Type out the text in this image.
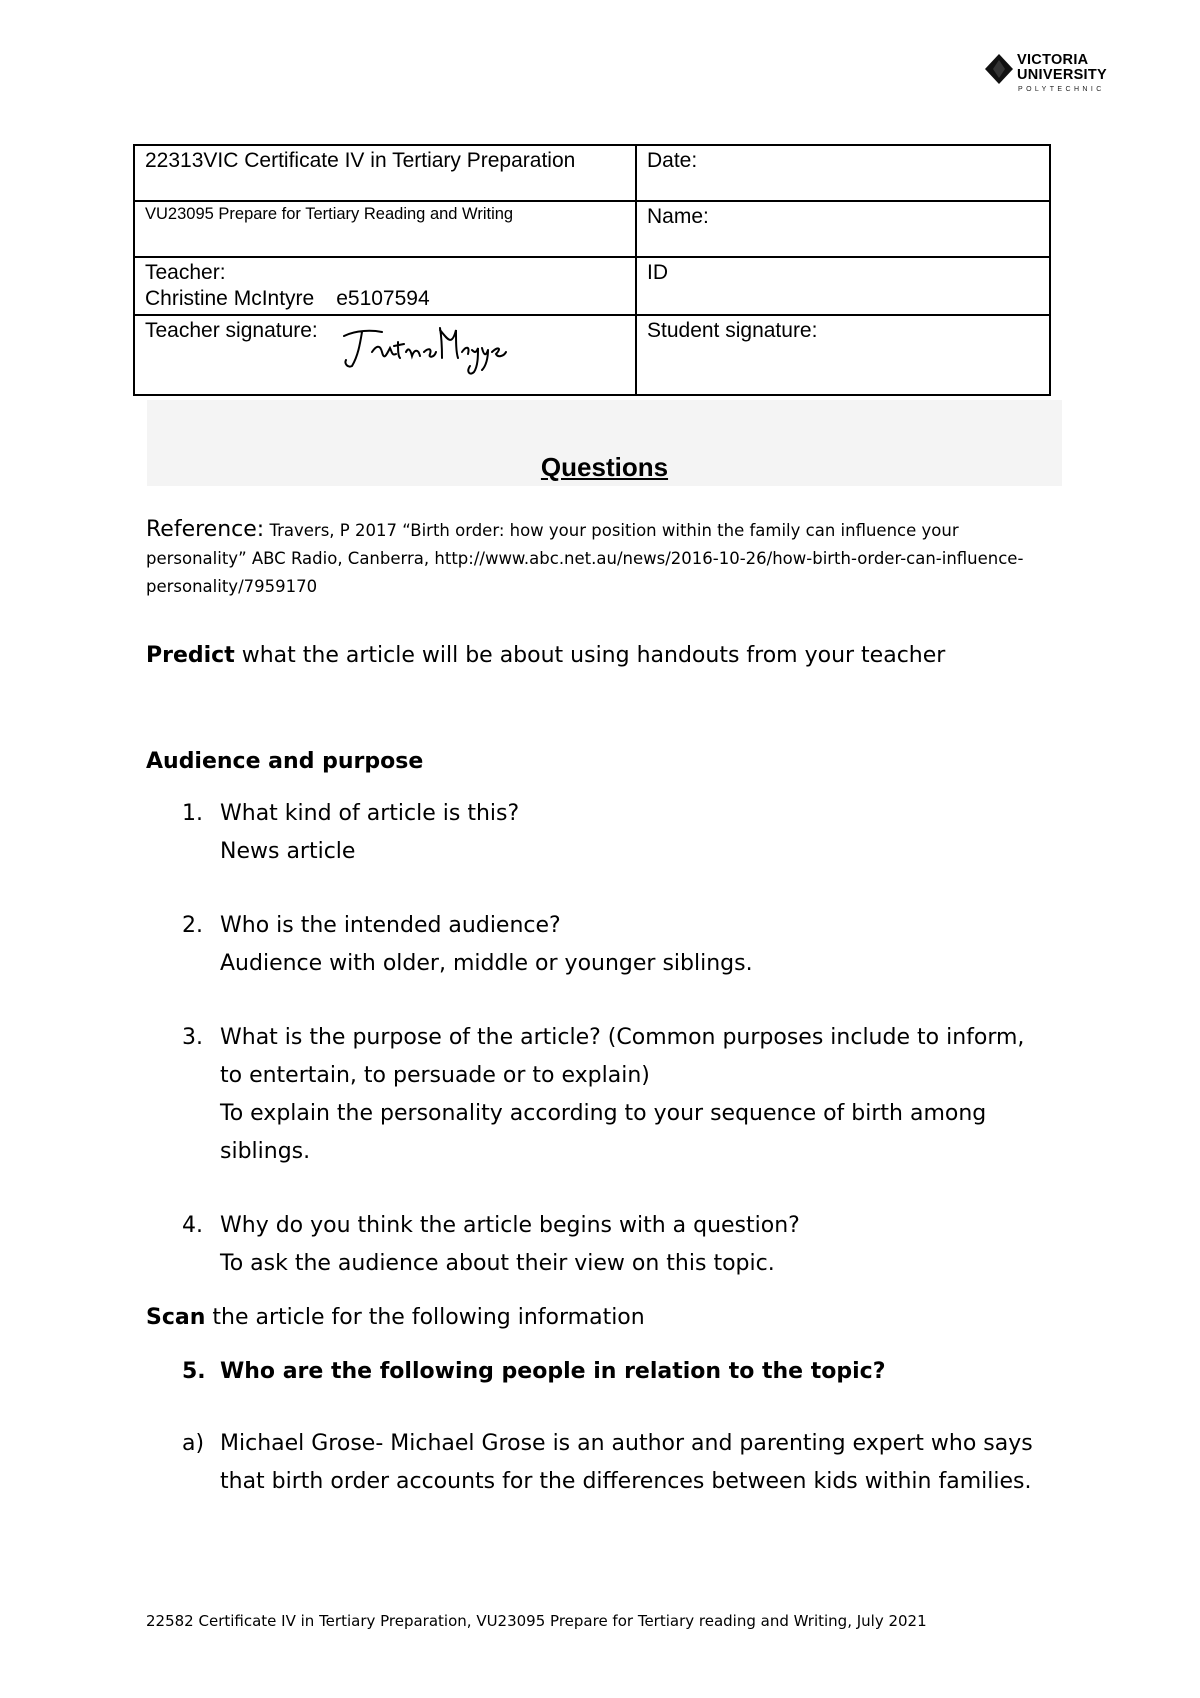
VICTORIA
UNIVERSITY
POLYTECHNIC
22313VIC Certificate IV in Tertiary Preparation	Date:
VU23095 Prepare for Tertiary Reading and Writing	Name:

Teacher:
Christine McIntyre e5107594	ID
Teacher signature:	Student signature:
Questions

Reference: Travers, P 2017 “Birth order: how your position within the family can influence your personality” ABC Radio, Canberra, http://www.abc.net.au/news/2016-10-26/how-birth-order-can-influence-personality/7959170

Predict what the article will be about using handouts from your teacher

Audience and purpose

1. What kind of article is this?
News article
2. Who is the intended audience?
Audience with older, middle or younger siblings.
3. What is the purpose of the article? (Common purposes include to inform, to entertain, to persuade or to explain)
To explain the personality according to your sequence of birth among siblings.
4. Why do you think the article begins with a question?
To ask the audience about their view on this topic.

Scan the article for the following information

5. Who are the following people in relation to the topic?
a) Michael Grose- Michael Grose is an author and parenting expert who says that birth order accounts for the differences between kids within families.
22582 Certificate IV in Tertiary Preparation, VU23095 Prepare for Tertiary reading and Writing, July 2021
